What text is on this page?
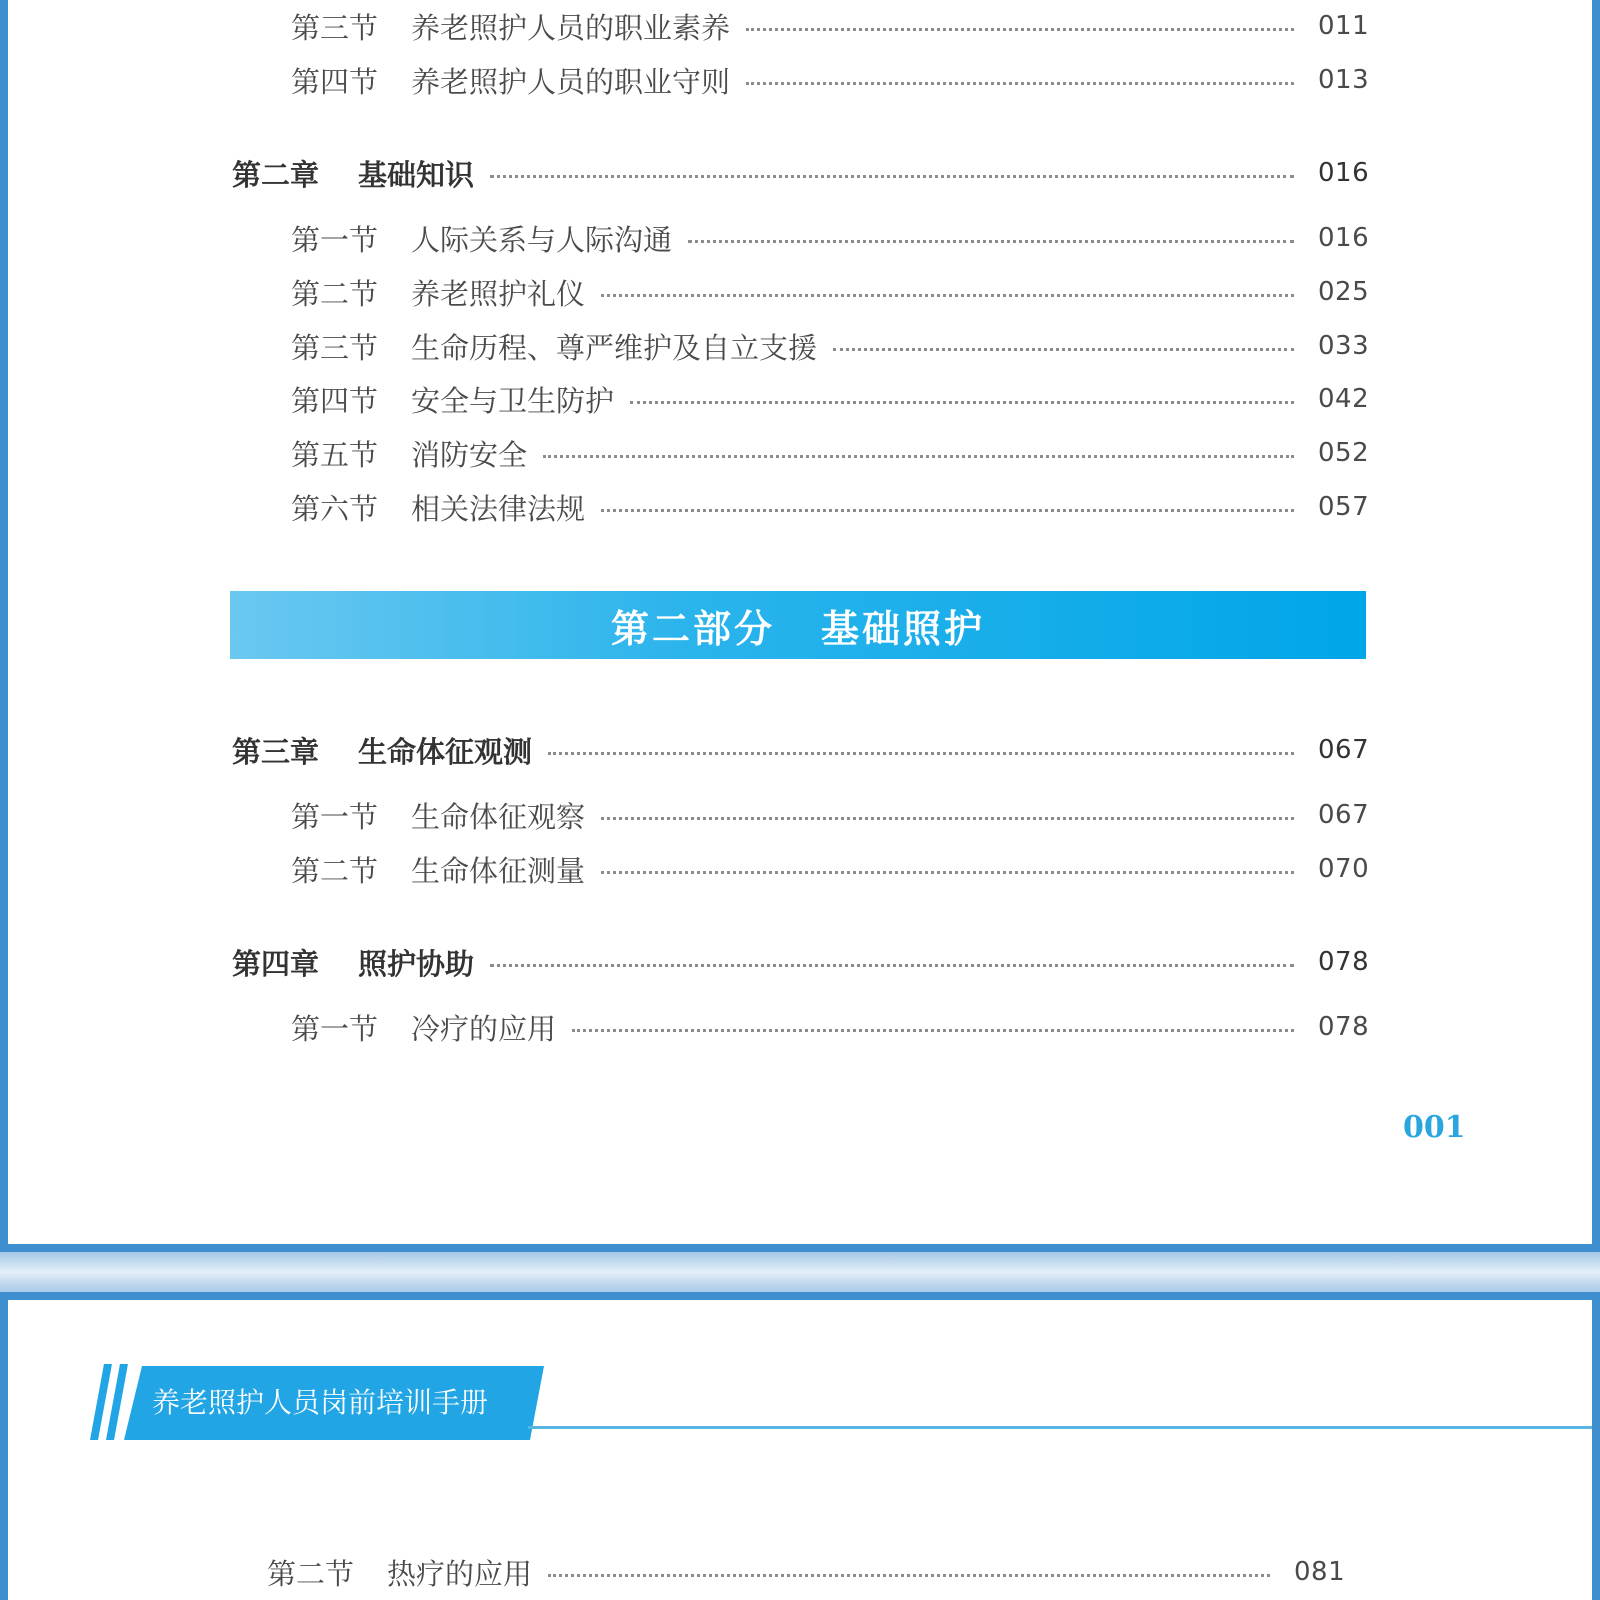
第三节	养老照护人员的职业素养	011
第四节	养老照护人员的职业守则	013
第二章	基础知识	016
第一节	人际关系与人际沟通	016
第二节	养老照护礼仪	025
第三节	生命历程、尊严维护及自立支援	033
第四节	安全与卫生防护	042
第五节	消防安全	052
第六节	相关法律法规	057
第二部分 基础照护
第三章	生命体征观测	067
第一节	生命体征观察	067
第二节	生命体征测量	070
第四章	照护协助	078
第一节	冷疗的应用	078
001
养老照护人员岗前培训手册
第二节	热疗的应用	081
